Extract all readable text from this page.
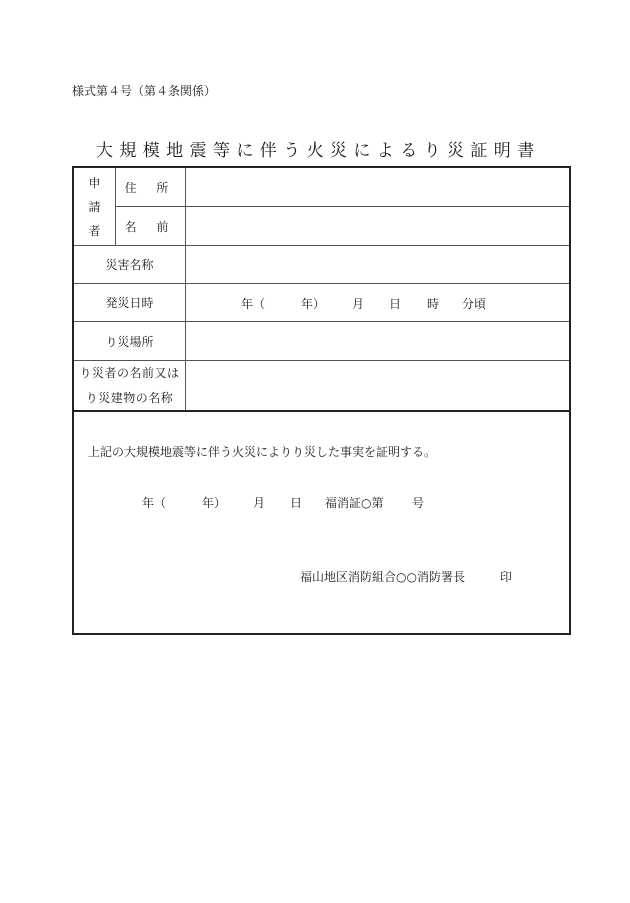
様式第４号（第４条関係）
大規模地震等に伴う火災によるり災証明書
申
請
者
住 所
名 前
災害名称
発災日時	年（	年） 月 日 時 分頃
り災場所
り災者の名前又は
り災建物の名称
上記の大規模地震等に伴う火災によりり災した事実を証明する。
年（	年） 月 日 福消証○第 号
福山地区消防組合○○消防署長	印
